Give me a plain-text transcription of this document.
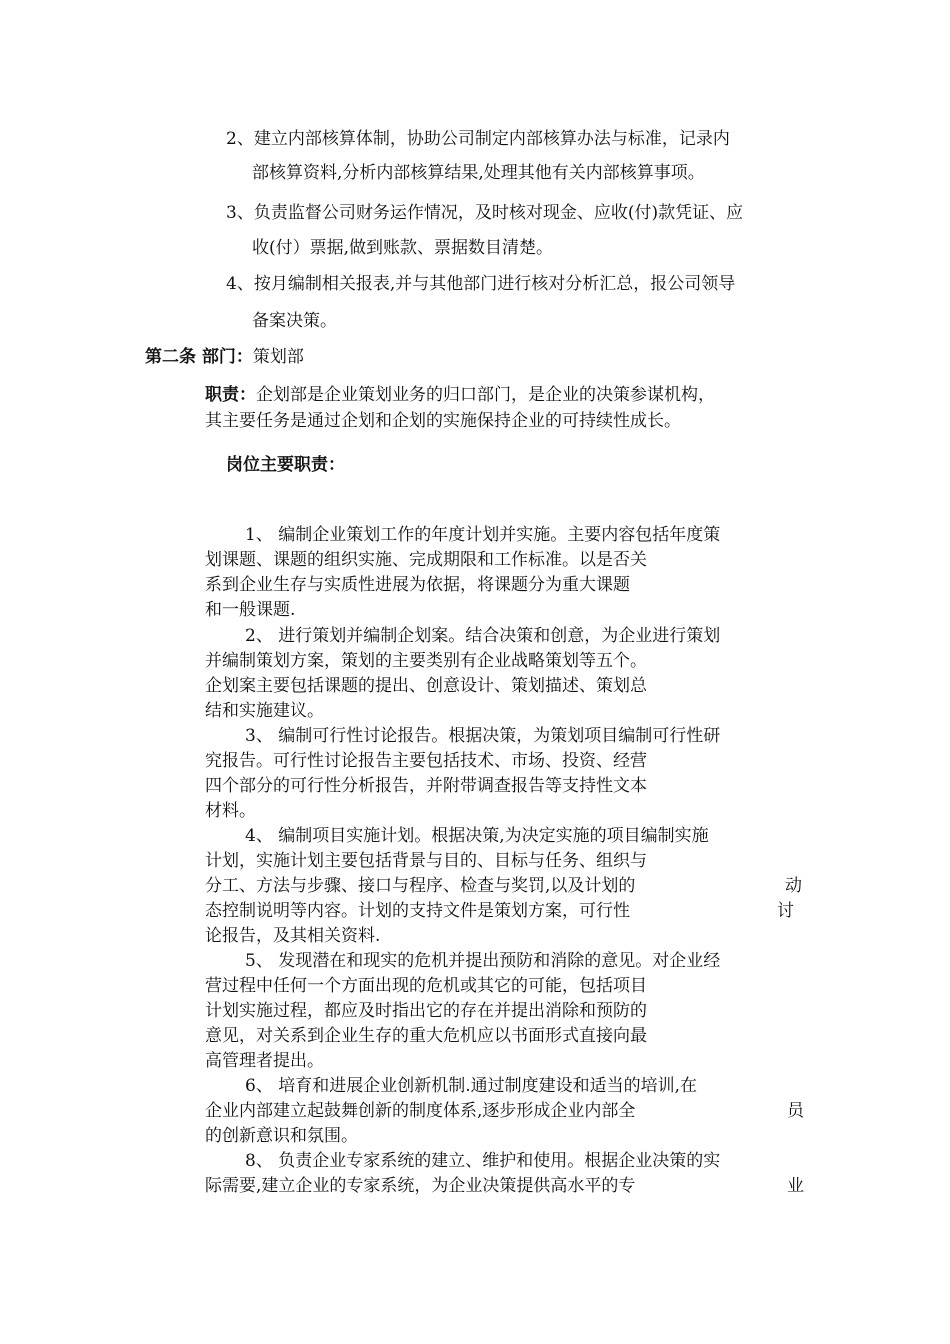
2、建立内部核算体制，协助公司制定内部核算办法与标准，记录内
部核算资料,分析内部核算结果,处理其他有关内部核算事项。
3、负责监督公司财务运作情况，及时核对现金、应收(付)款凭证、应
收(付）票据,做到账款、票据数目清楚。
4、按月编制相关报表,并与其他部门进行核对分析汇总，报公司领导
备案决策。
第二条 部门：策划部
职责：企划部是企业策划业务的归口部门，是企业的决策参谋机构，
其主要任务是通过企划和企划的实施保持企业的可持续性成长。
岗位主要职责：
1、 编制企业策划工作的年度计划并实施。主要内容包括年度策
划课题、课题的组织实施、完成期限和工作标准。以是否关
系到企业生存与实质性进展为依据，将课题分为重大课题
和一般课题.
2、 进行策划并编制企划案。结合决策和创意，为企业进行策划
并编制策划方案，策划的主要类别有企业战略策划等五个。
企划案主要包括课题的提出、创意设计、策划描述、策划总
结和实施建议。
3、 编制可行性讨论报告。根据决策，为策划项目编制可行性研
究报告。可行性讨论报告主要包括技术、市场、投资、经营
四个部分的可行性分析报告，并附带调查报告等支持性文本
材料。
4、 编制项目实施计划。根据决策,为决定实施的项目编制实施
计划，实施计划主要包括背景与目的、目标与任务、组织与
分工、方法与步骤、接口与程序、检查与奖罚,以及计划的	动
态控制说明等内容。计划的支持文件是策划方案，可行性	讨
论报告，及其相关资料.
5、 发现潜在和现实的危机并提出预防和消除的意见。对企业经
营过程中任何一个方面出现的危机或其它的可能，包括项目
计划实施过程，都应及时指出它的存在并提出消除和预防的
意见，对关系到企业生存的重大危机应以书面形式直接向最
高管理者提出。
6、 培育和进展企业创新机制.通过制度建设和适当的培训,在
企业内部建立起鼓舞创新的制度体系,逐步形成企业内部全	员
的创新意识和氛围。
8、 负责企业专家系统的建立、维护和使用。根据企业决策的实
际需要,建立企业的专家系统，为企业决策提供高水平的专	业
